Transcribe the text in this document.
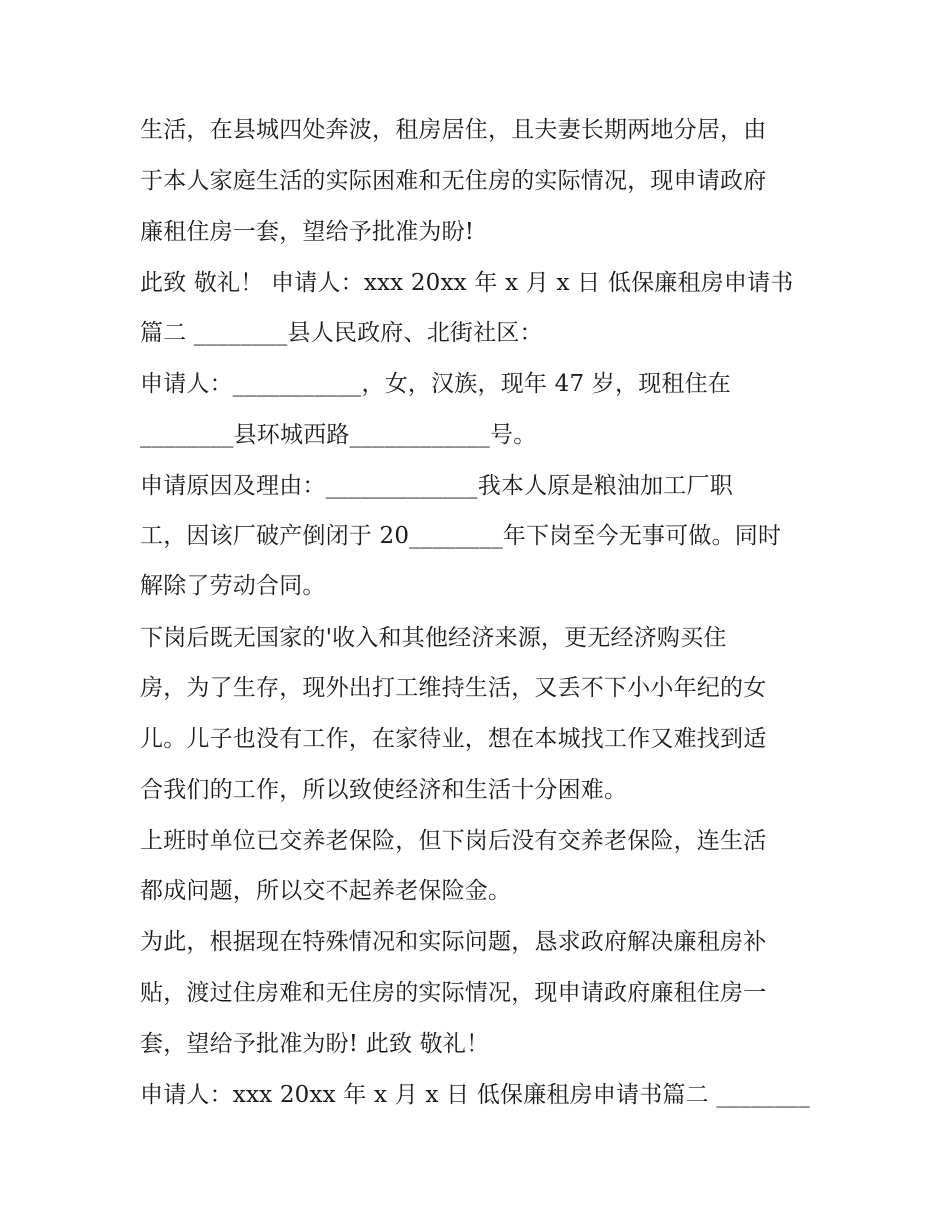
生活，在县城四处奔波，租房居住，且夫妻长期两地分居，由
于本人家庭生活的实际困难和无住房的实际情况，现申请政府
廉租住房一套，望给予批准为盼!
此致 敬礼！ 申请人：xxx 20xx 年 x 月 x 日 低保廉租房申请书
篇二 ________县人民政府、北街社区：
申请人：___________，女，汉族，现年 47 岁，现租住在
________县环城西路____________号。
申请原因及理由：_____________我本人原是粮油加工厂职
工，因该厂破产倒闭于 20________年下岗至今无事可做。同时
解除了劳动合同。
下岗后既无国家的'收入和其他经济来源，更无经济购买住
房，为了生存，现外出打工维持生活，又丢不下小小年纪的女
儿。儿子也没有工作，在家待业，想在本城找工作又难找到适
合我们的工作，所以致使经济和生活十分困难。
上班时单位已交养老保险，但下岗后没有交养老保险，连生活
都成问题，所以交不起养老保险金。
为此，根据现在特殊情况和实际问题，恳求政府解决廉租房补
贴，渡过住房难和无住房的实际情况，现申请政府廉租住房一
套，望给予批准为盼! 此致 敬礼！
申请人：xxx 20xx 年 x 月 x 日 低保廉租房申请书篇二 ________
